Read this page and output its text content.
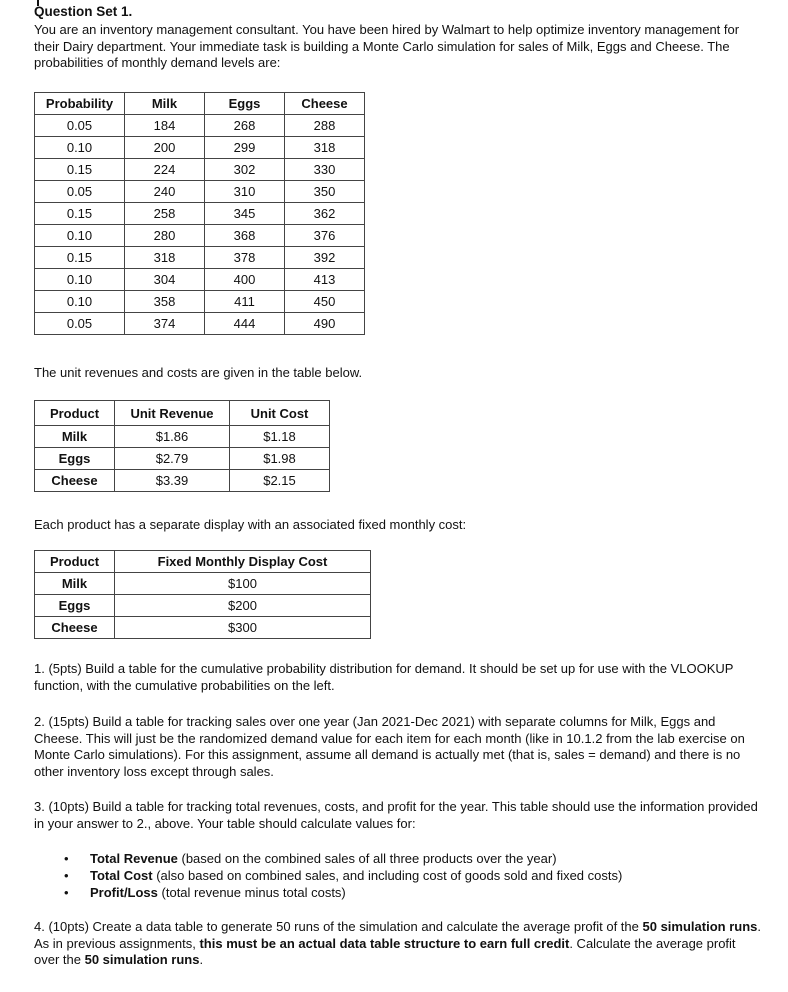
Question Set 1.
You are an inventory management consultant. You have been hired by Walmart to help optimize inventory management for their Dairy department. Your immediate task is building a Monte Carlo simulation for sales of Milk, Eggs and Cheese. The probabilities of monthly demand levels are:
Probability	Milk	Eggs	Cheese
0.05	184	268	288
0.10	200	299	318
0.15	224	302	330
0.05	240	310	350
0.15	258	345	362
0.10	280	368	376
0.15	318	378	392
0.10	304	400	413
0.10	358	411	450
0.05	374	444	490
The unit revenues and costs are given in the table below.
Product	Unit Revenue	Unit Cost
Milk	$1.86	$1.18
Eggs	$2.79	$1.98
Cheese	$3.39	$2.15
Each product has a separate display with an associated fixed monthly cost:
Product	Fixed Monthly Display Cost
Milk	$100
Eggs	$200
Cheese	$300
1. (5pts) Build a table for the cumulative probability distribution for demand. It should be set up for use with the VLOOKUP function, with the cumulative probabilities on the left.
2. (15pts) Build a table for tracking sales over one year (Jan 2021-Dec 2021) with separate columns for Milk, Eggs and Cheese. This will just be the randomized demand value for each item for each month (like in 10.1.2 from the lab exercise on Monte Carlo simulations). For this assignment, assume all demand is actually met (that is, sales = demand) and there is no other inventory loss except through sales.
3. (10pts) Build a table for tracking total revenues, costs, and profit for the year. This table should use the information provided in your answer to 2., above. Your table should calculate values for:
• Total Revenue (based on the combined sales of all three products over the year)
• Total Cost (also based on combined sales, and including cost of goods sold and fixed costs)
• Profit/Loss (total revenue minus total costs)
4. (10pts) Create a data table to generate 50 runs of the simulation and calculate the average profit of the 50 simulation runs. As in previous assignments, this must be an actual data table structure to earn full credit. Calculate the average profit over the 50 simulation runs.
